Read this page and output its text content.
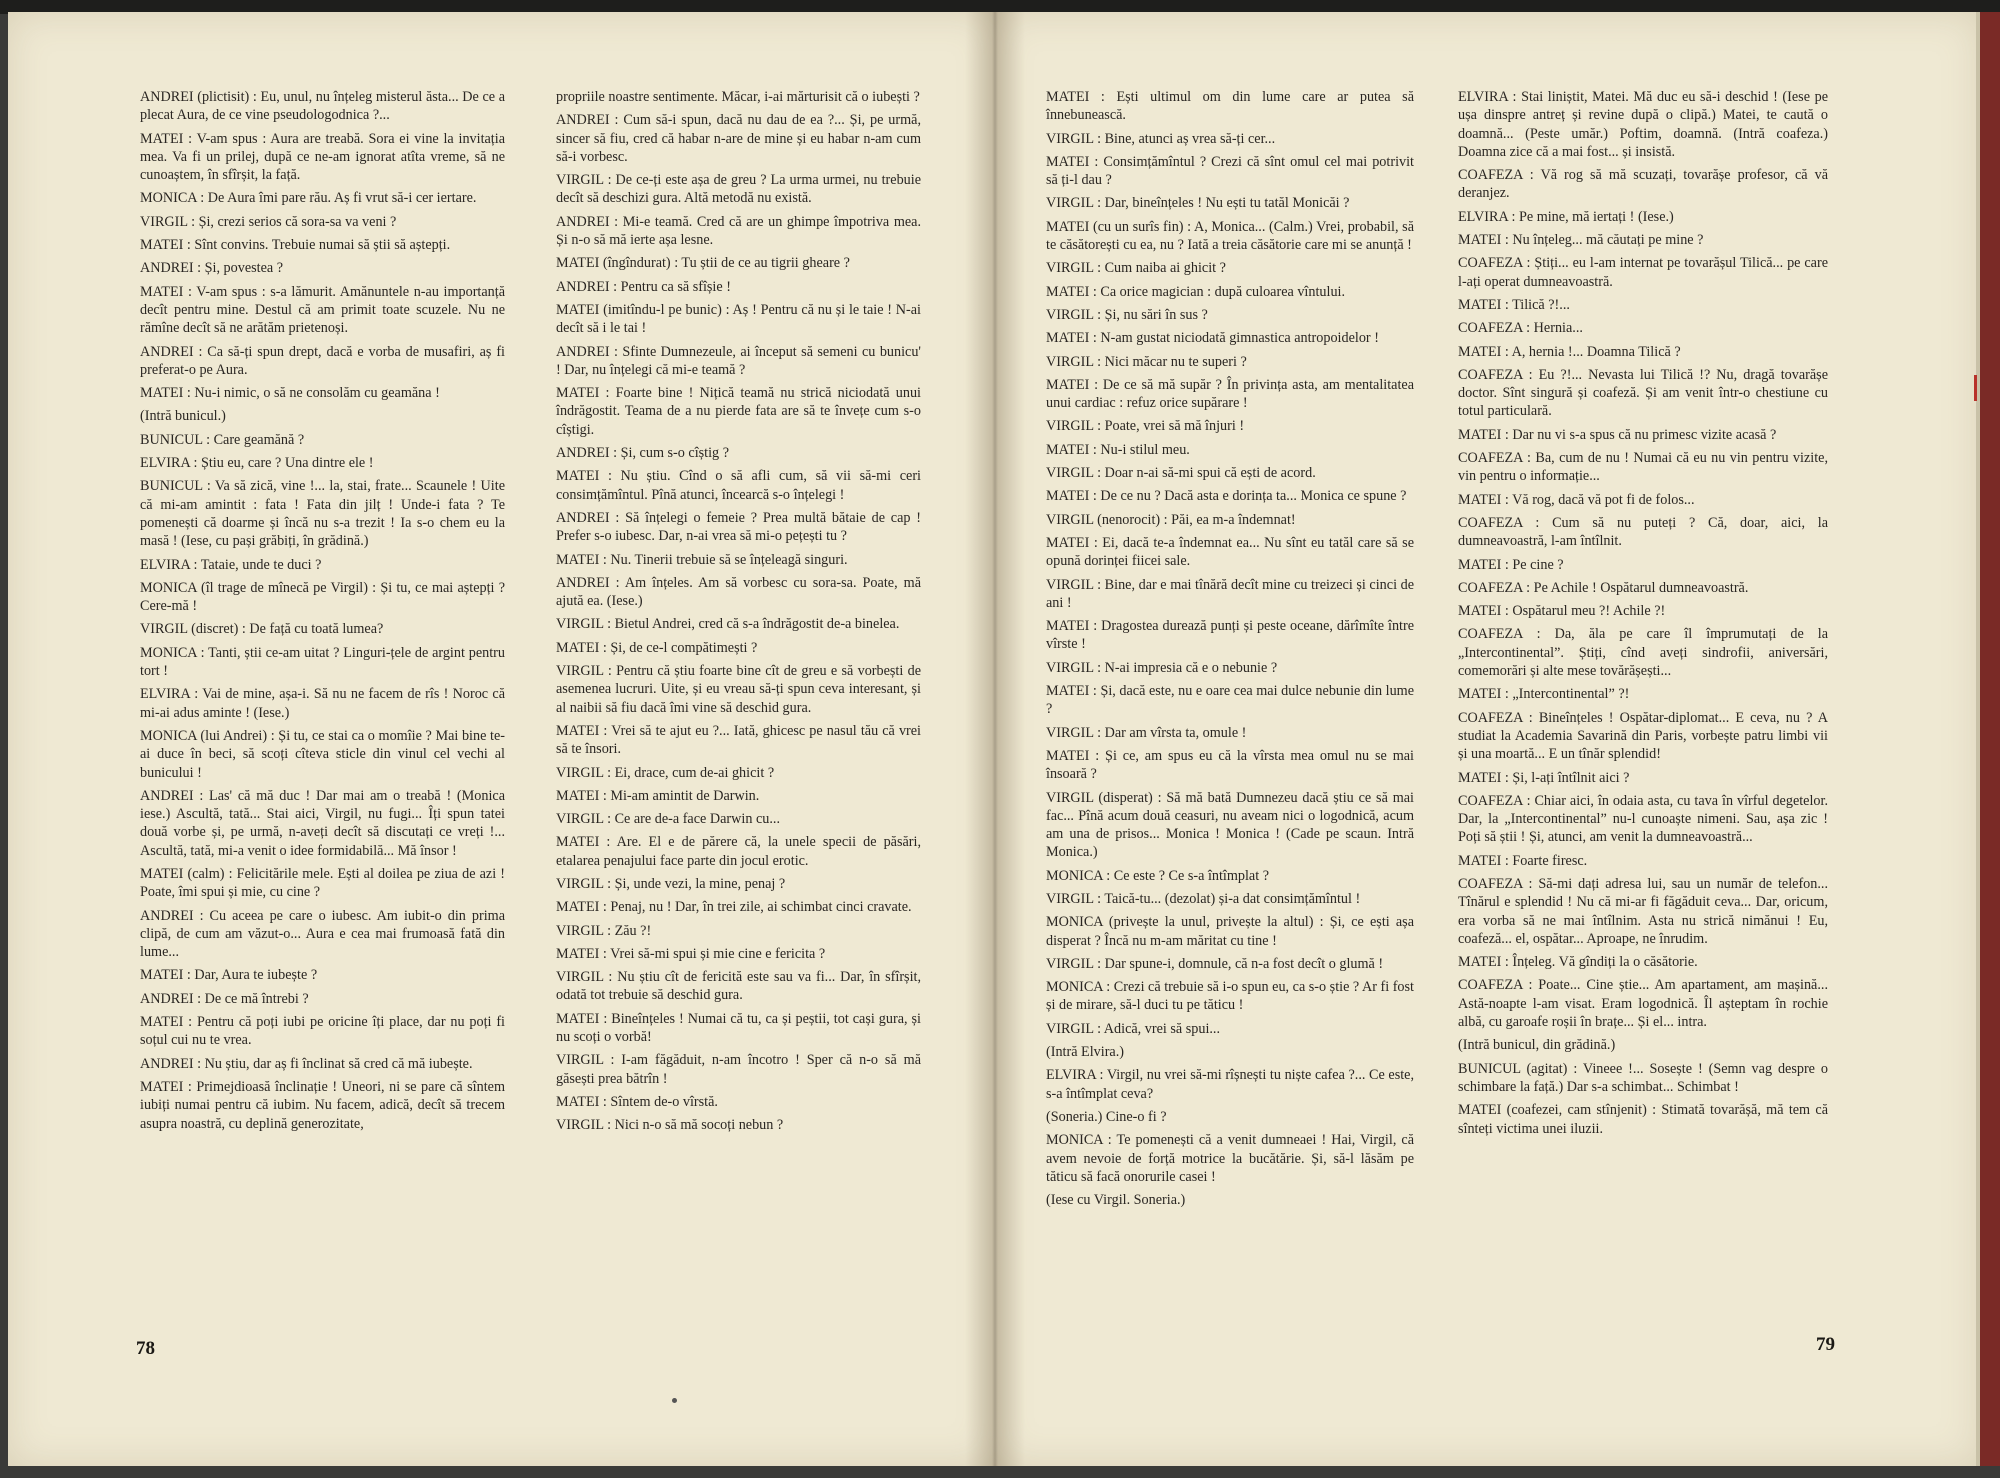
ANDREI (plictisit) : Eu, unul, nu înțeleg misterul ăsta... De ce a plecat Aura, de ce vine pseudologodnica ?...

MATEI : V-am spus : Aura are treabă. Sora ei vine la invitația mea. Va fi un prilej, după ce ne-am ignorat atîta vreme, să ne cunoaștem, în sfîrșit, la față.

MONICA : De Aura îmi pare rău. Aș fi vrut să-i cer iertare.

VIRGIL : Și, crezi serios că sora-sa va veni ?

MATEI : Sînt convins. Trebuie numai să știi să aștepți.

ANDREI : Și, povestea ?

MATEI : V-am spus : s-a lămurit. Amănuntele n-au importanță decît pentru mine. Destul că am primit toate scuzele. Nu ne rămîne decît să ne arătăm prietenoși.

ANDREI : Ca să-ți spun drept, dacă e vorba de musafiri, aș fi preferat-o pe Aura.

MATEI : Nu-i nimic, o să ne consolăm cu geamăna !

(Intră bunicul.)

BUNICUL : Care geamănă ?

ELVIRA : Știu eu, care ? Una dintre ele !

BUNICUL : Va să zică, vine !... la, stai, frate... Scaunele ! Uite că mi-am amintit : fata ! Fata din jilț ! Unde-i fata ? Te pomenești că doarme și încă nu s-a trezit ! Ia s-o chem eu la masă ! (Iese, cu pași grăbiți, în grădină.)

ELVIRA : Tataie, unde te duci ?

MONICA (îl trage de mînecă pe Virgil) : Și tu, ce mai aștepți ? Cere-mă !

VIRGIL (discret) : De față cu toată lumea?

MONICA : Tanti, știi ce-am uitat ? Linguri-țele de argint pentru tort !

ELVIRA : Vai de mine, așa-i. Să nu ne facem de rîs ! Noroc că mi-ai adus aminte ! (Iese.)

MONICA (lui Andrei) : Și tu, ce stai ca o momîie ? Mai bine te-ai duce în beci, să scoți cîteva sticle din vinul cel vechi al bunicului !

ANDREI : Las' că mă duc ! Dar mai am o treabă ! (Monica iese.) Ascultă, tată... Stai aici, Virgil, nu fugi... Îți spun tatei două vorbe și, pe urmă, n-aveți decît să discutați ce vreți !... Ascultă, tată, mi-a venit o idee formidabilă... Mă însor !

MATEI (calm) : Felicitările mele. Ești al doilea pe ziua de azi ! Poate, îmi spui și mie, cu cine ?

ANDREI : Cu aceea pe care o iubesc. Am iubit-o din prima clipă, de cum am văzut-o... Aura e cea mai frumoasă fată din lume...

MATEI : Dar, Aura te iubește ?

ANDREI : De ce mă întrebi ?

MATEI : Pentru că poți iubi pe oricine îți place, dar nu poți fi soțul cui nu te vrea.

ANDREI : Nu știu, dar aș fi înclinat să cred că mă iubește.

MATEI : Primejdioasă înclinație ! Uneori, ni se pare că sîntem iubiți numai pentru că iubim. Nu facem, adică, decît să trecem asupra noastră, cu deplină generozitate,

propriile noastre sentimente. Măcar, i-ai mărturisit că o iubești ?

ANDREI : Cum să-i spun, dacă nu dau de ea ?... Și, pe urmă, sincer să fiu, cred că habar n-are de mine și eu habar n-am cum să-i vorbesc.

VIRGIL : De ce-ți este așa de greu ? La urma urmei, nu trebuie decît să deschizi gura. Altă metodă nu există.

ANDREI : Mi-e teamă. Cred că are un ghimpe împotriva mea. Și n-o să mă ierte așa lesne.

MATEI (îngîndurat) : Tu știi de ce au tigrii gheare ?

ANDREI : Pentru ca să sfîșie !

MATEI (imitîndu-l pe bunic) : Aș ! Pentru că nu și le taie ! N-ai decît să i le tai !

ANDREI : Sfinte Dumnezeule, ai început să semeni cu bunicu' ! Dar, nu înțelegi că mi-e teamă ?

MATEI : Foarte bine ! Nițică teamă nu strică niciodată unui îndrăgostit. Teama de a nu pierde fata are să te învețe cum s-o cîștigi.

ANDREI : Și, cum s-o cîștig ?

MATEI : Nu știu. Cînd o să afli cum, să vii să-mi ceri consimțămîntul. Pînă atunci, încearcă s-o înțelegi !

ANDREI : Să înțelegi o femeie ? Prea multă bătaie de cap ! Prefer s-o iubesc. Dar, n-ai vrea să mi-o pețești tu ?

MATEI : Nu. Tinerii trebuie să se înțeleagă singuri.

ANDREI : Am înțeles. Am să vorbesc cu sora-sa. Poate, mă ajută ea. (Iese.)

VIRGIL : Bietul Andrei, cred că s-a îndrăgostit de-a binelea.

MATEI : Și, de ce-l compătimești ?

VIRGIL : Pentru că știu foarte bine cît de greu e să vorbești de asemenea lucruri. Uite, și eu vreau să-ți spun ceva interesant, și al naibii să fiu dacă îmi vine să deschid gura.

MATEI : Vrei să te ajut eu ?... Iată, ghicesc pe nasul tău că vrei să te însori.

VIRGIL : Ei, drace, cum de-ai ghicit ?

MATEI : Mi-am amintit de Darwin.

VIRGIL : Ce are de-a face Darwin cu...

MATEI : Are. El e de părere că, la unele specii de păsări, etalarea penajului face parte din jocul erotic.

VIRGIL : Și, unde vezi, la mine, penaj ?

MATEI : Penaj, nu ! Dar, în trei zile, ai schimbat cinci cravate.

VIRGIL : Zău ?!

MATEI : Vrei să-mi spui și mie cine e fericita ?

VIRGIL : Nu știu cît de fericită este sau va fi... Dar, în sfîrșit, odată tot trebuie să deschid gura.

MATEI : Bineînțeles ! Numai că tu, ca și peștii, tot cași gura, și nu scoți o vorbă!

VIRGIL : I-am făgăduit, n-am încotro ! Sper că n-o să mă găsești prea bătrîn !

MATEI : Sîntem de-o vîrstă.

VIRGIL : Nici n-o să mă socoți nebun ?

MATEI : Ești ultimul om din lume care ar putea să înnebunească.

VIRGIL : Bine, atunci aș vrea să-ți cer...

MATEI : Consimțămîntul ? Crezi că sînt omul cel mai potrivit să ți-l dau ?

VIRGIL : Dar, bineînțeles ! Nu ești tu tatăl Monicăi ?

MATEI (cu un surîs fin) : A, Monica... (Calm.) Vrei, probabil, să te căsătorești cu ea, nu ? Iată a treia căsătorie care mi se anunță !

VIRGIL : Cum naiba ai ghicit ?

MATEI : Ca orice magician : după culoarea vîntului.

VIRGIL : Și, nu sări în sus ?

MATEI : N-am gustat niciodată gimnastica antropoidelor !

VIRGIL : Nici măcar nu te superi ?

MATEI : De ce să mă supăr ? În privința asta, am mentalitatea unui cardiac : refuz orice supărare !

VIRGIL : Poate, vrei să mă înjuri !

MATEI : Nu-i stilul meu.

VIRGIL : Doar n-ai să-mi spui că ești de acord.

MATEI : De ce nu ? Dacă asta e dorința ta... Monica ce spune ?

VIRGIL (nenorocit) : Păi, ea m-a îndemnat!

MATEI : Ei, dacă te-a îndemnat ea... Nu sînt eu tatăl care să se opună dorinței fiicei sale.

VIRGIL : Bine, dar e mai tînără decît mine cu treizeci și cinci de ani !

MATEI : Dragostea durează punți și peste oceane, dărîmîte între vîrste !

VIRGIL : N-ai impresia că e o nebunie ?

MATEI : Și, dacă este, nu e oare cea mai dulce nebunie din lume ?

VIRGIL : Dar am vîrsta ta, omule !

MATEI : Și ce, am spus eu că la vîrsta mea omul nu se mai însoară ?

VIRGIL (disperat) : Să mă bată Dumnezeu dacă știu ce să mai fac... Pînă acum două ceasuri, nu aveam nici o logodnică, acum am una de prisos... Monica ! Monica ! (Cade pe scaun. Intră Monica.)

MONICA : Ce este ? Ce s-a întîmplat ?

VIRGIL : Taică-tu... (dezolat) și-a dat consimțămîntul !

MONICA (privește la unul, privește la altul) : Și, ce ești așa disperat ? Încă nu m-am măritat cu tine !

VIRGIL : Dar spune-i, domnule, că n-a fost decît o glumă !

MONICA : Crezi că trebuie să i-o spun eu, ca s-o știe ? Ar fi fost și de mirare, să-l duci tu pe tăticu !

VIRGIL : Adică, vrei să spui...

(Intră Elvira.)

ELVIRA : Virgil, nu vrei să-mi rîșnești tu niște cafea ?... Ce este, s-a întîmplat ceva?

(Soneria.) Cine-o fi ?

MONICA : Te pomenești că a venit dumneaei ! Hai, Virgil, că avem nevoie de forță motrice la bucătărie. Și, să-l lăsăm pe tăticu să facă onorurile casei !

(Iese cu Virgil. Soneria.)

ELVIRA : Stai liniștit, Matei. Mă duc eu să-i deschid ! (Iese pe ușa dinspre antreț și revine după o clipă.) Matei, te caută o doamnă... (Peste umăr.) Poftim, doamnă. (Intră coafeza.) Doamna zice că a mai fost... și insistă.

COAFEZA : Vă rog să mă scuzați, tovarășe profesor, că vă deranjez.

ELVIRA : Pe mine, mă iertați ! (Iese.)

MATEI : Nu înțeleg... mă căutați pe mine ?

COAFEZA : Știți... eu l-am internat pe tovarășul Tilică... pe care l-ați operat dumneavoastră.

MATEI : Tilică ?!...

COAFEZA : Hernia...

MATEI : A, hernia !... Doamna Tilică ?

COAFEZA : Eu ?!... Nevasta lui Tilică !? Nu, dragă tovarășe doctor. Sînt singură și coafeză. Și am venit într-o chestiune cu totul particulară.

MATEI : Dar nu vi s-a spus că nu primesc vizite acasă ?

COAFEZA : Ba, cum de nu ! Numai că eu nu vin pentru vizite, vin pentru o informație...

MATEI : Vă rog, dacă vă pot fi de folos...

COAFEZA : Cum să nu puteți ? Că, doar, aici, la dumneavoastră, l-am întîlnit.

MATEI : Pe cine ?

COAFEZA : Pe Achile ! Ospătarul dumneavoastră.

MATEI : Ospătarul meu ?! Achile ?!

COAFEZA : Da, ăla pe care îl împrumutați de la „Intercontinental”. Știți, cînd aveți sindrofii, aniversări, comemorări și alte mese tovărășești...

MATEI : „Intercontinental” ?!

COAFEZA : Bineînțeles ! Ospătar-diplomat... E ceva, nu ? A studiat la Academia Savarină din Paris, vorbește patru limbi vii și una moartă... E un tînăr splendid!

MATEI : Și, l-ați întîlnit aici ?

COAFEZA : Chiar aici, în odaia asta, cu tava în vîrful degetelor. Dar, la „Intercontinental” nu-l cunoaște nimeni. Sau, așa zic ! Poți să știi ! Și, atunci, am venit la dumneavoastră...

MATEI : Foarte firesc.

COAFEZA : Să-mi dați adresa lui, sau un număr de telefon... Tînărul e splendid ! Nu că mi-ar fi făgăduit ceva... Dar, oricum, era vorba să ne mai întîlnim. Asta nu strică nimănui ! Eu, coafeză... el, ospătar... Aproape, ne înrudim.

MATEI : Înțeleg. Vă gîndiți la o căsătorie.

COAFEZA : Poate... Cine știe... Am apartament, am mașină... Astă-noapte l-am visat. Eram logodnică. Îl așteptam în rochie albă, cu garoafe roșii în brațe... Și el... intra.

(Intră bunicul, din grădină.)

BUNICUL (agitat) : Vineee !... Sosește ! (Semn vag despre o schimbare la față.) Dar s-a schimbat... Schimbat !

MATEI (coafezei, cam stînjenit) : Stimată tovarășă, mă tem că sînteți victima unei iluzii.

78	79
